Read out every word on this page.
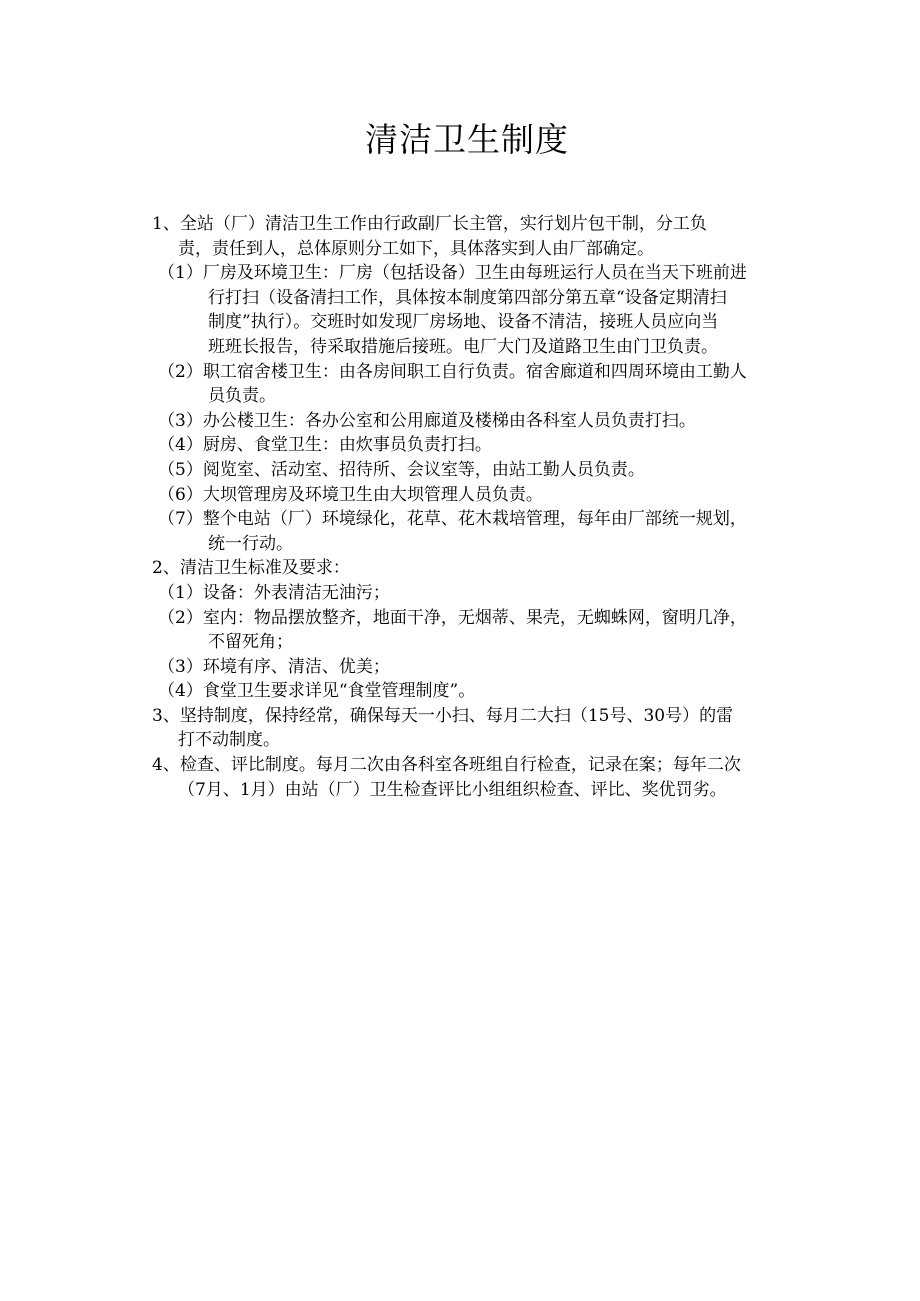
清洁卫生制度
1、全站（厂）清洁卫生工作由行政副厂长主管，实行划片包干制，分工负
责，责任到人，总体原则分工如下，具体落实到人由厂部确定。
（1）厂房及环境卫生：厂房（包括设备）卫生由每班运行人员在当天下班前进
行打扫（设备清扫工作，具体按本制度第四部分第五章“设备定期清扫
制度”执行）。交班时如发现厂房场地、设备不清洁，接班人员应向当
班班长报告，待采取措施后接班。电厂大门及道路卫生由门卫负责。
（2）职工宿舍楼卫生：由各房间职工自行负责。宿舍廊道和四周环境由工勤人
员负责。
（3）办公楼卫生：各办公室和公用廊道及楼梯由各科室人员负责打扫。
（4）厨房、食堂卫生：由炊事员负责打扫。
（5）阅览室、活动室、招待所、会议室等，由站工勤人员负责。
（6）大坝管理房及环境卫生由大坝管理人员负责。
（7）整个电站（厂）环境绿化，花草、花木栽培管理，每年由厂部统一规划，
统一行动。
2、清洁卫生标准及要求：
（1）设备：外表清洁无油污；
（2）室内：物品摆放整齐，地面干净，无烟蒂、果壳，无蜘蛛网，窗明几净，
不留死角；
（3）环境有序、清洁、优美；
（4）食堂卫生要求详见“食堂管理制度”。
3、坚持制度，保持经常，确保每天一小扫、每月二大扫（15号、30号）的雷
打不动制度。
4、检查、评比制度。每月二次由各科室各班组自行检查，记录在案；每年二次
（7月、1月）由站（厂）卫生检查评比小组组织检查、评比、奖优罚劣。
